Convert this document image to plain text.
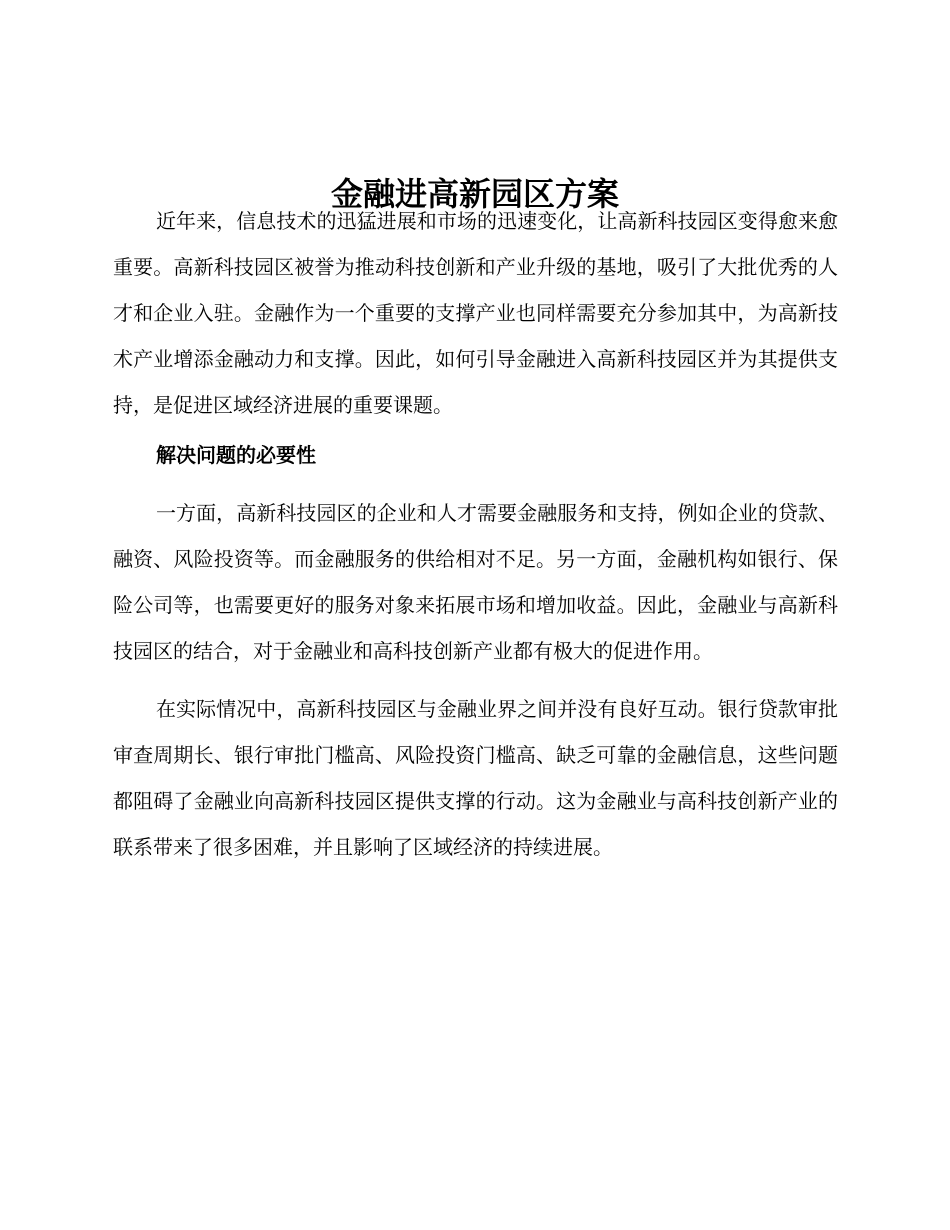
金融进高新园区方案

近年来，信息技术的迅猛进展和市场的迅速变化，让高新科技园区变得愈来愈重要。高新科技园区被誉为推动科技创新和产业升级的基地，吸引了大批优秀的人才和企业入驻。金融作为一个重要的支撑产业也同样需要充分参加其中，为高新技术产业增添金融动力和支撑。因此，如何引导金融进入高新科技园区并为其提供支持，是促进区域经济进展的重要课题。

解决问题的必要性

一方面，高新科技园区的企业和人才需要金融服务和支持，例如企业的贷款、融资、风险投资等。而金融服务的供给相对不足。另一方面，金融机构如银行、保险公司等，也需要更好的服务对象来拓展市场和增加收益。因此，金融业与高新科技园区的结合，对于金融业和高科技创新产业都有极大的促进作用。

在实际情况中，高新科技园区与金融业界之间并没有良好互动。银行贷款审批审查周期长、银行审批门槛高、风险投资门槛高、缺乏可靠的金融信息，这些问题都阻碍了金融业向高新科技园区提供支撑的行动。这为金融业与高科技创新产业的联系带来了很多困难，并且影响了区域经济的持续进展。
